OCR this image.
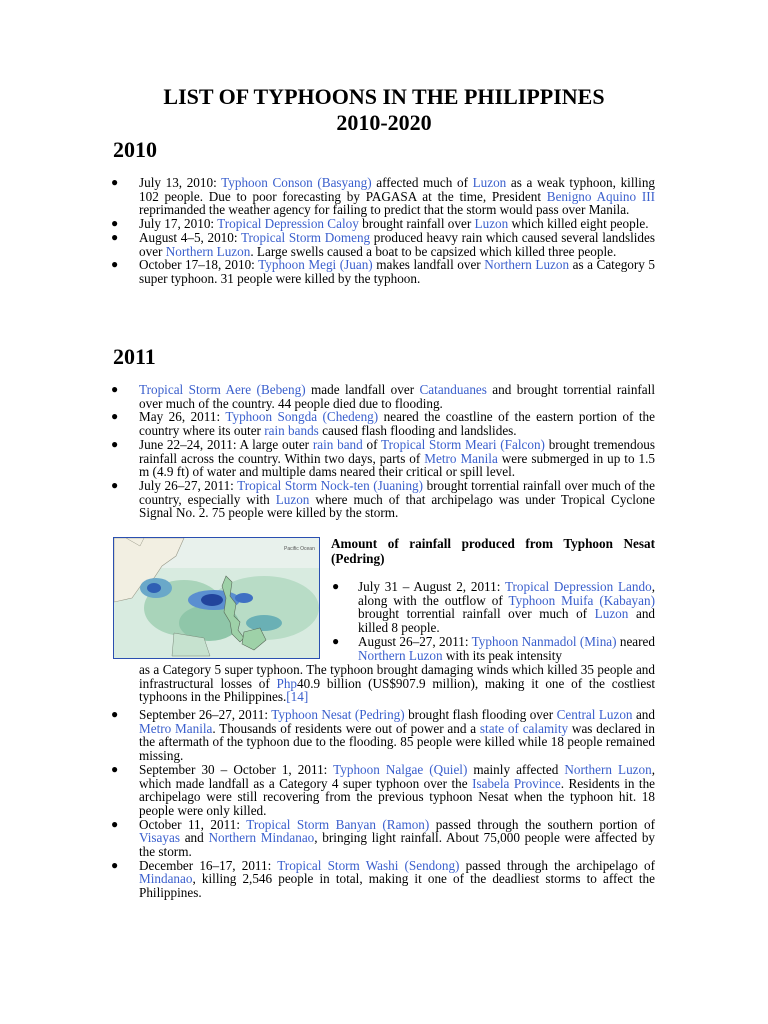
LIST OF TYPHOONS IN THE PHILIPPINES
2010-2020
2010
● July 13, 2010: Typhoon Conson (Basyang) affected much of Luzon as a weak typhoon, killing 102 people. Due to poor forecasting by PAGASA at the time, President Benigno Aquino III reprimanded the weather agency for failing to predict that the storm would pass over Manila.
● July 17, 2010: Tropical Depression Caloy brought rainfall over Luzon which killed eight people.
● August 4–5, 2010: Tropical Storm Domeng produced heavy rain which caused several landslides over Northern Luzon. Large swells caused a boat to be capsized which killed three people.
● October 17–18, 2010: Typhoon Megi (Juan) makes landfall over Northern Luzon as a Category 5 super typhoon. 31 people were killed by the typhoon.
2011
● Tropical Storm Aere (Bebeng) made landfall over Catanduanes and brought torrential rainfall over much of the country. 44 people died due to flooding.
● May 26, 2011: Typhoon Songda (Chedeng) neared the coastline of the eastern portion of the country where its outer rain bands caused flash flooding and landslides.
● June 22–24, 2011: A large outer rain band of Tropical Storm Meari (Falcon) brought tremendous rainfall across the country. Within two days, parts of Metro Manila were submerged in up to 1.5 m (4.9 ft) of water and multiple dams neared their critical or spill level.
● July 26–27, 2011: Tropical Storm Nock-ten (Juaning) brought torrential rainfall over much of the country, especially with Luzon where much of that archipelago was under Tropical Cyclone Signal No. 2. 75 people were killed by the storm.
Pacific Ocean Amount of rainfall produced from Typhoon Nesat (Pedring)
● July 31 – August 2, 2011: Tropical Depression Lando, along with the outflow of Typhoon Muifa (Kabayan) brought torrential rainfall over much of Luzon and killed 8 people.
● August 26–27, 2011: Typhoon Nanmadol (Mina) neared Northern Luzon with its peak intensity
as a Category 5 super typhoon. The typhoon brought damaging winds which killed 35 people and infrastructural losses of Php40.9 billion (US$907.9 million), making it one of the costliest typhoons in the Philippines.[14]
● September 26–27, 2011: Typhoon Nesat (Pedring) brought flash flooding over Central Luzon and Metro Manila. Thousands of residents were out of power and a state of calamity was declared in the aftermath of the typhoon due to the flooding. 85 people were killed while 18 people remained missing.
● September 30 – October 1, 2011: Typhoon Nalgae (Quiel) mainly affected Northern Luzon, which made landfall as a Category 4 super typhoon over the Isabela Province. Residents in the archipelago were still recovering from the previous typhoon Nesat when the typhoon hit. 18 people were only killed.
● October 11, 2011: Tropical Storm Banyan (Ramon) passed through the southern portion of Visayas and Northern Mindanao, bringing light rainfall. About 75,000 people were affected by the storm.
● December 16–17, 2011: Tropical Storm Washi (Sendong) passed through the archipelago of Mindanao, killing 2,546 people in total, making it one of the deadliest storms to affect the Philippines.
